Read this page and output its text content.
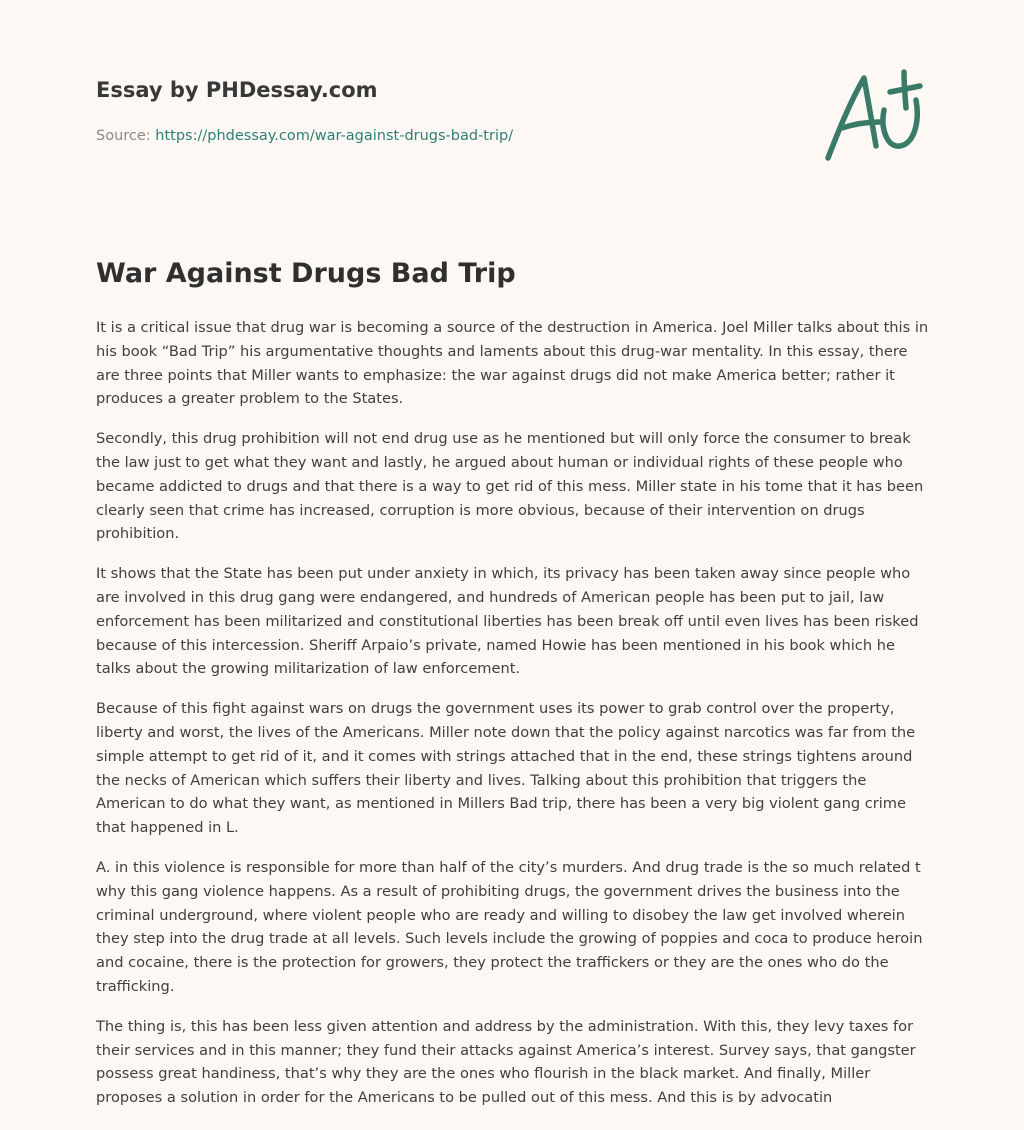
Essay by PHDessay.com
Source: https://phdessay.com/war-against-drugs-bad-trip/
War Against Drugs Bad Trip

It is a critical issue that drug war is becoming a source of the destruction in America. Joel Miller talks about this in his book “Bad Trip” his argumentative thoughts and laments about this drug-war mentality. In this essay, there are three points that Miller wants to emphasize: the war against drugs did not make America better; rather it produces a greater problem to the States.

Secondly, this drug prohibition will not end drug use as he mentioned but will only force the consumer to break the law just to get what they want and lastly, he argued about human or individual rights of these people who became addicted to drugs and that there is a way to get rid of this mess. Miller state in his tome that it has been clearly seen that crime has increased, corruption is more obvious, because of their intervention on drugs prohibition.

It shows that the State has been put under anxiety in which, its privacy has been taken away since people who are involved in this drug gang were endangered, and hundreds of American people has been put to jail, law enforcement has been militarized and constitutional liberties has been break off until even lives has been risked because of this intercession. Sheriff Arpaio’s private, named Howie has been mentioned in his book which he talks about the growing militarization of law enforcement.

Because of this fight against wars on drugs the government uses its power to grab control over the property, liberty and worst, the lives of the Americans. Miller note down that the policy against narcotics was far from the simple attempt to get rid of it, and it comes with strings attached that in the end, these strings tightens around the necks of American which suffers their liberty and lives. Talking about this prohibition that triggers the American to do what they want, as mentioned in Millers Bad trip, there has been a very big violent gang crime that happened in L.

A. in this violence is responsible for more than half of the city’s murders. And drug trade is the so much related t why this gang violence happens. As a result of prohibiting drugs, the government drives the business into the criminal underground, where violent people who are ready and willing to disobey the law get involved wherein they step into the drug trade at all levels. Such levels include the growing of poppies and coca to produce heroin and cocaine, there is the protection for growers, they protect the traffickers or they are the ones who do the trafficking.

The thing is, this has been less given attention and address by the administration. With this, they levy taxes for their services and in this manner; they fund their attacks against America’s interest. Survey says, that gangster possess great handiness, that’s why they are the ones who flourish in the black market. And finally, Miller proposes a solution in order for the Americans to be pulled out of this mess. And this is by advocatin
